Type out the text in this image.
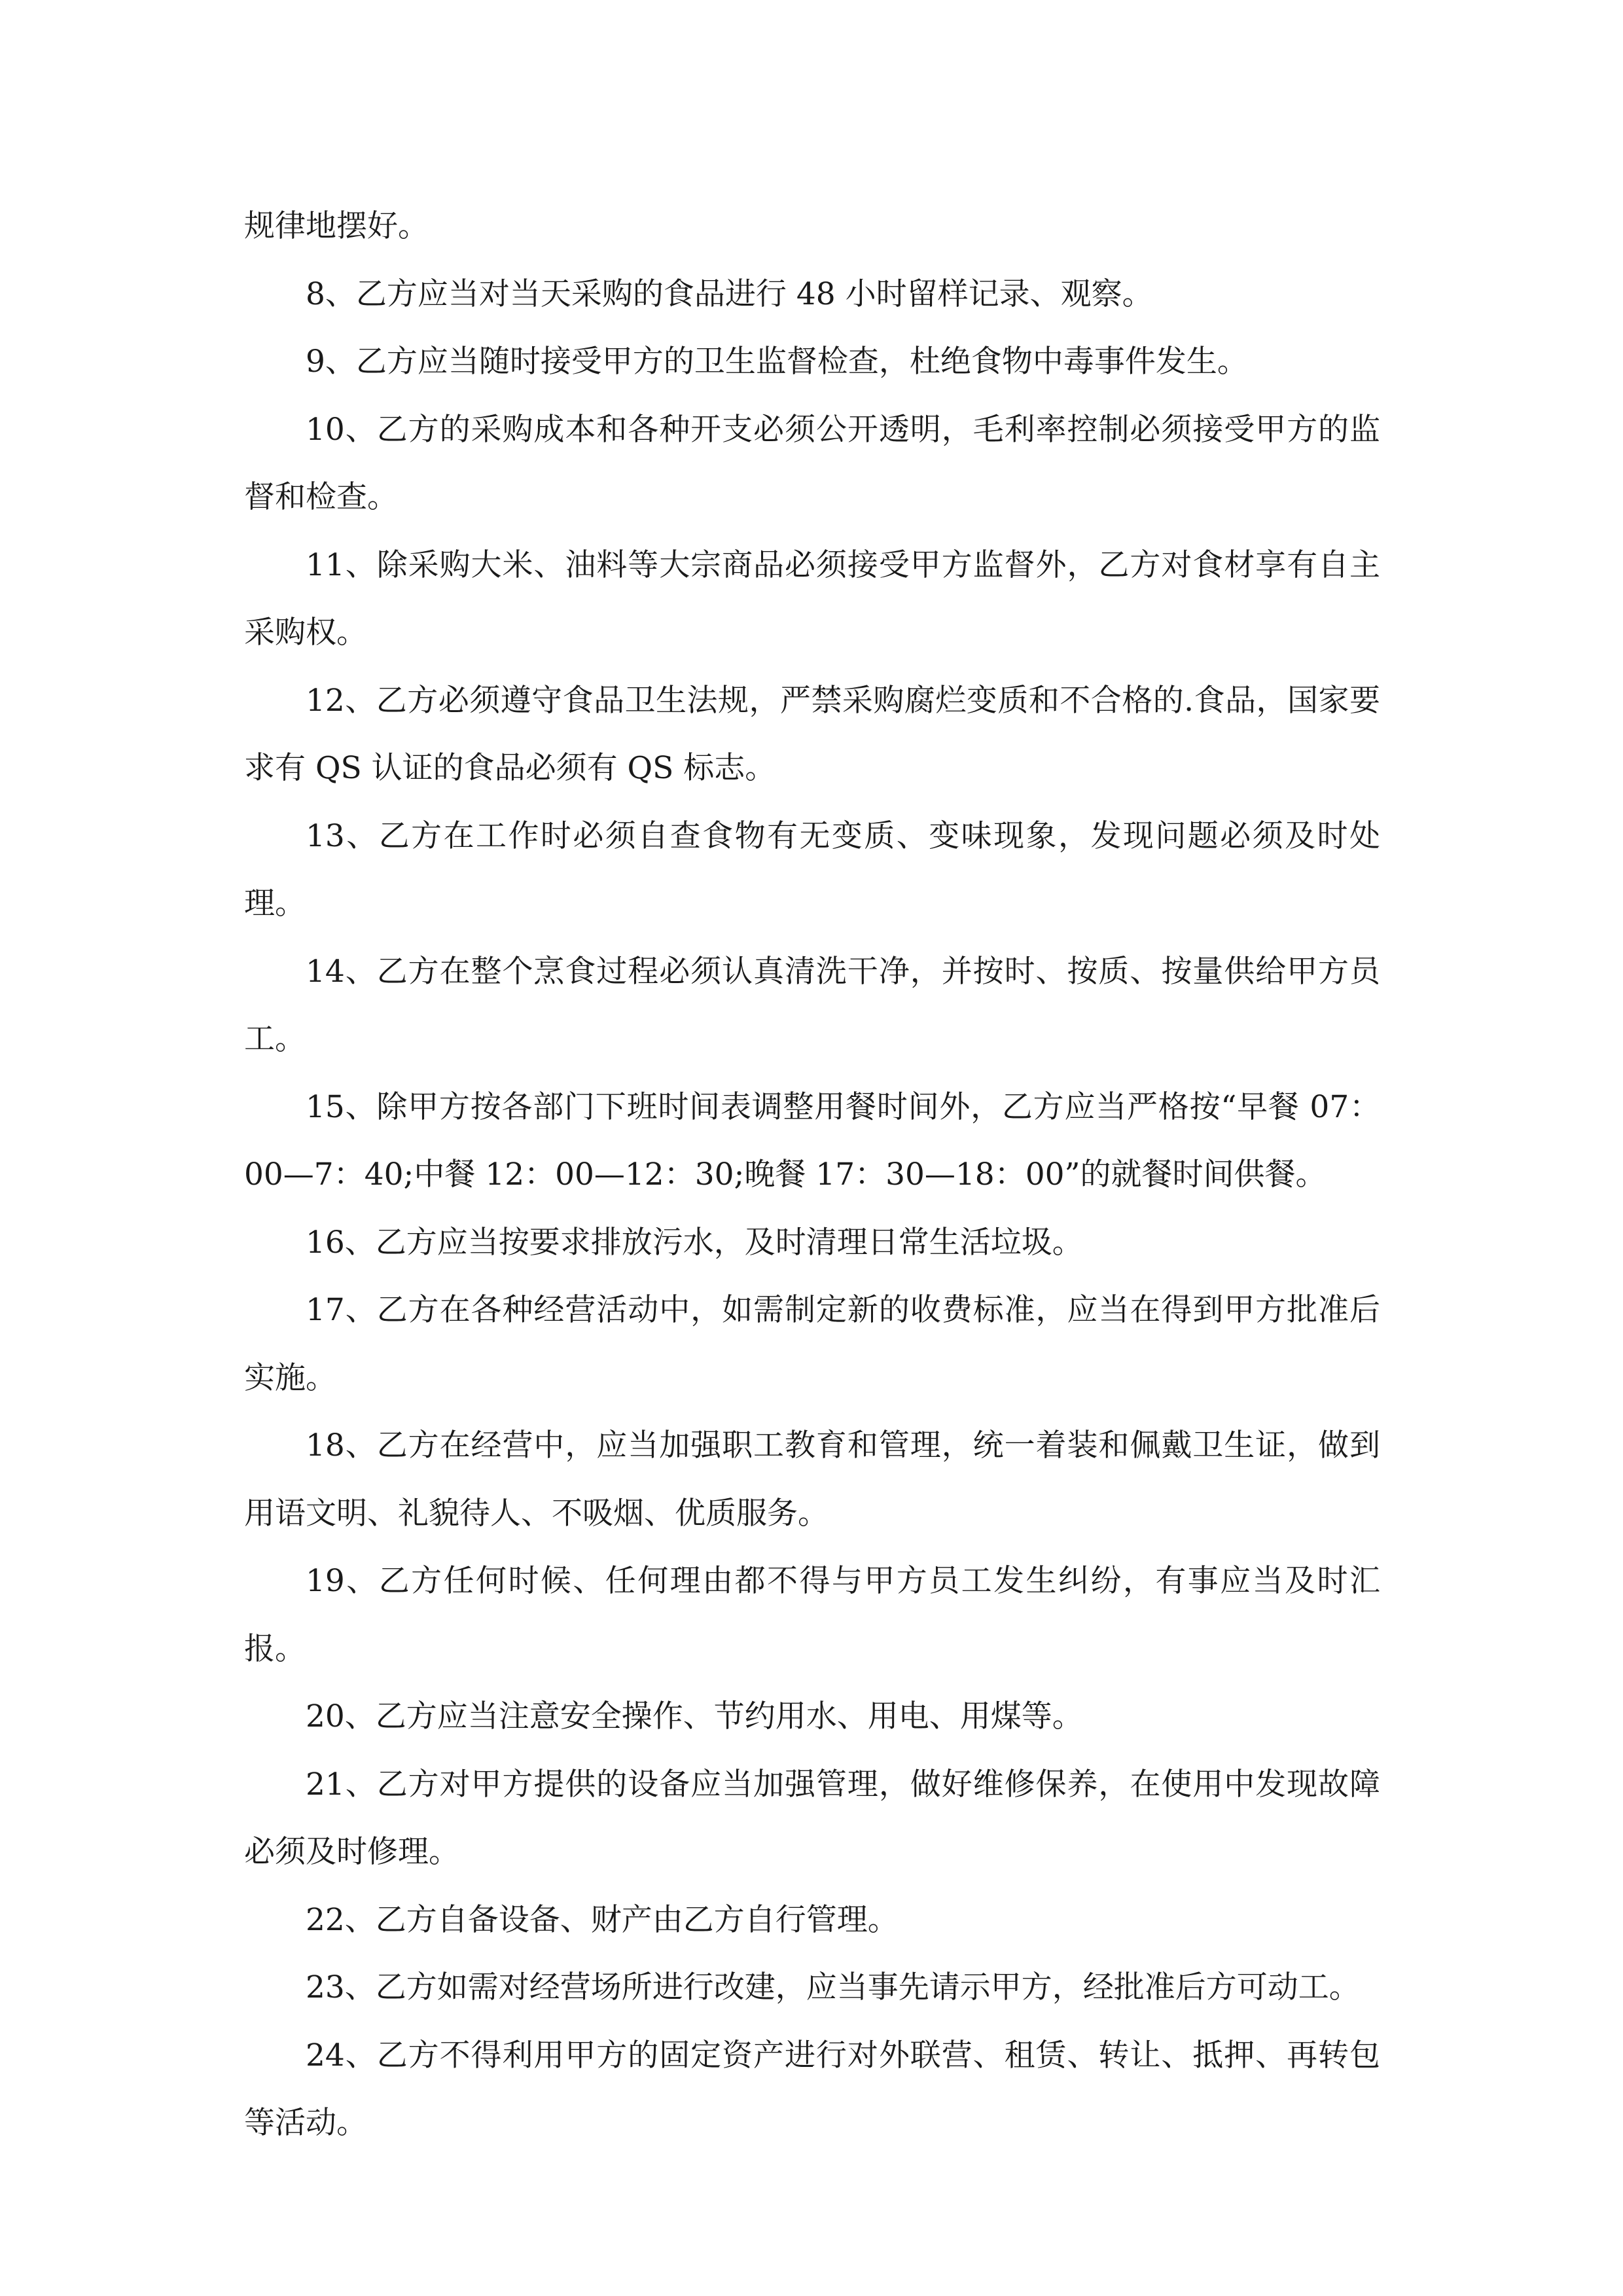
规律地摆好。

8、乙方应当对当天采购的食品进行 48 小时留样记录、观察。

9、乙方应当随时接受甲方的卫生监督检查，杜绝食物中毒事件发生。

10、乙方的采购成本和各种开支必须公开透明，毛利率控制必须接受甲方的监督和检查。

11、除采购大米、油料等大宗商品必须接受甲方监督外，乙方对食材享有自主采购权。

12、乙方必须遵守食品卫生法规，严禁采购腐烂变质和不合格的.食品，国家要求有 QS 认证的食品必须有 QS 标志。

13、乙方在工作时必须自查食物有无变质、变味现象，发现问题必须及时处理。

14、乙方在整个烹食过程必须认真清洗干净，并按时、按质、按量供给甲方员工。

15、除甲方按各部门下班时间表调整用餐时间外，乙方应当严格按“早餐 07：00—7：40;中餐 12：00—12：30;晚餐 17：30—18：00”的就餐时间供餐。

16、乙方应当按要求排放污水，及时清理日常生活垃圾。

17、乙方在各种经营活动中，如需制定新的收费标准，应当在得到甲方批准后实施。

18、乙方在经营中，应当加强职工教育和管理，统一着装和佩戴卫生证，做到用语文明、礼貌待人、不吸烟、优质服务。

19、乙方任何时候、任何理由都不得与甲方员工发生纠纷，有事应当及时汇报。

20、乙方应当注意安全操作、节约用水、用电、用煤等。

21、乙方对甲方提供的设备应当加强管理，做好维修保养，在使用中发现故障必须及时修理。

22、乙方自备设备、财产由乙方自行管理。

23、乙方如需对经营场所进行改建，应当事先请示甲方，经批准后方可动工。

24、乙方不得利用甲方的固定资产进行对外联营、租赁、转让、抵押、再转包等活动。
